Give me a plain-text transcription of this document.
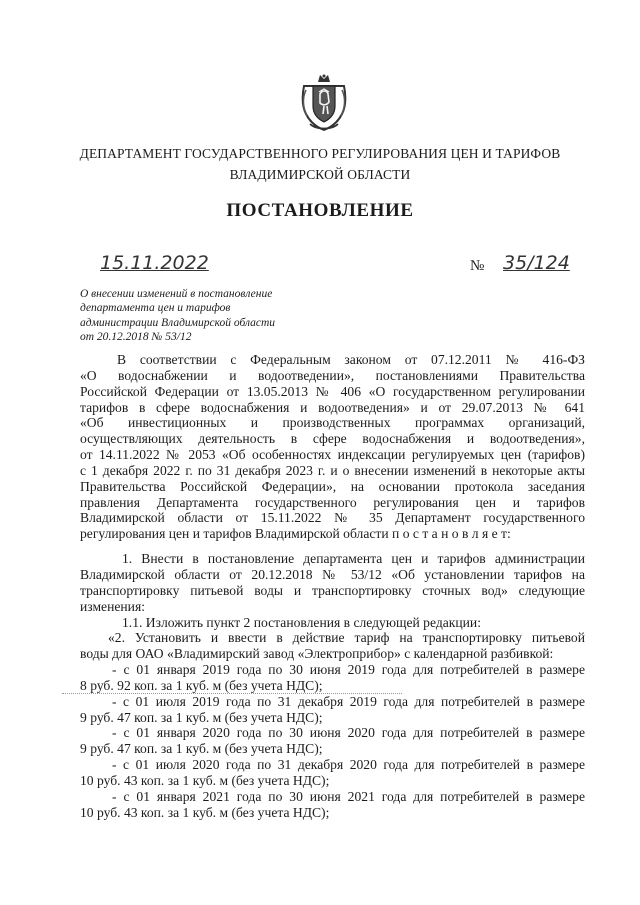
ДЕПАРТАМЕНТ ГОСУДАРСТВЕННОГО РЕГУЛИРОВАНИЯ ЦЕН И ТАРИФОВ
ВЛАДИМИРСКОЙ ОБЛАСТИ
ПОСТАНОВЛЕНИЕ
15.11.2022	№ 35/124
О внесении изменений в постановление
департамента цен и тарифов
администрации Владимирской области
от 20.12.2018 № 53/12
В соответствии с Федеральным законом от 07.12.2011 № 416-ФЗ
«О водоснабжении и водоотведении», постановлениями Правительства
Российской Федерации от 13.05.2013 № 406 «О государственном регулировании
тарифов в сфере водоснабжения и водоотведения» и от 29.07.2013 № 641
«Об инвестиционных и производственных программах организаций,
осуществляющих деятельность в сфере водоснабжения и водоотведения»,
от 14.11.2022 № 2053 «Об особенностях индексации регулируемых цен (тарифов)
с 1 декабря 2022 г. по 31 декабря 2023 г. и о внесении изменений в некоторые акты
Правительства Российской Федерации», на основании протокола заседания
правления Департамента государственного регулирования цен и тарифов
Владимирской области от 15.11.2022 № 35 Департамент государственного
регулирования цен и тарифов Владимирской области п о с т а н о в л я е т:
1. Внести в постановление департамента цен и тарифов администрации
Владимирской области от 20.12.2018 № 53/12 «Об установлении тарифов на
транспортировку питьевой воды и транспортировку сточных вод» следующие
изменения:
1.1. Изложить пункт 2 постановления в следующей редакции:
«2. Установить и ввести в действие тариф на транспортировку питьевой
воды для ОАО «Владимирский завод «Электроприбор» с календарной разбивкой:
- с 01 января 2019 года по 30 июня 2019 года для потребителей в размере
8 руб. 92 коп. за 1 куб. м (без учета НДС);
- с 01 июля 2019 года по 31 декабря 2019 года для потребителей в размере
9 руб. 47 коп. за 1 куб. м (без учета НДС);
- с 01 января 2020 года по 30 июня 2020 года для потребителей в размере
9 руб. 47 коп. за 1 куб. м (без учета НДС);
- с 01 июля 2020 года по 31 декабря 2020 года для потребителей в размере
10 руб. 43 коп. за 1 куб. м (без учета НДС);
- с 01 января 2021 года по 30 июня 2021 года для потребителей в размере
10 руб. 43 коп. за 1 куб. м (без учета НДС);
